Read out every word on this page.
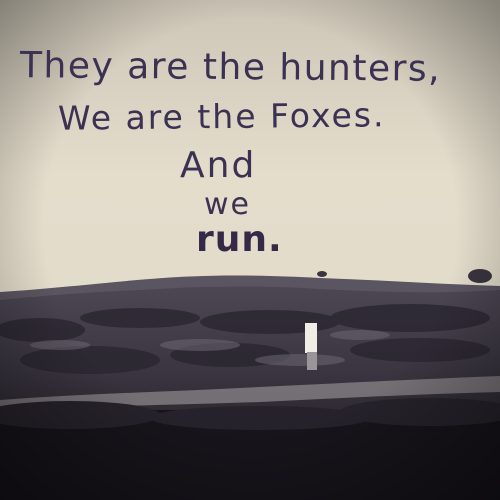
They are the hunters,

We are the Foxes.

And

we

run.
